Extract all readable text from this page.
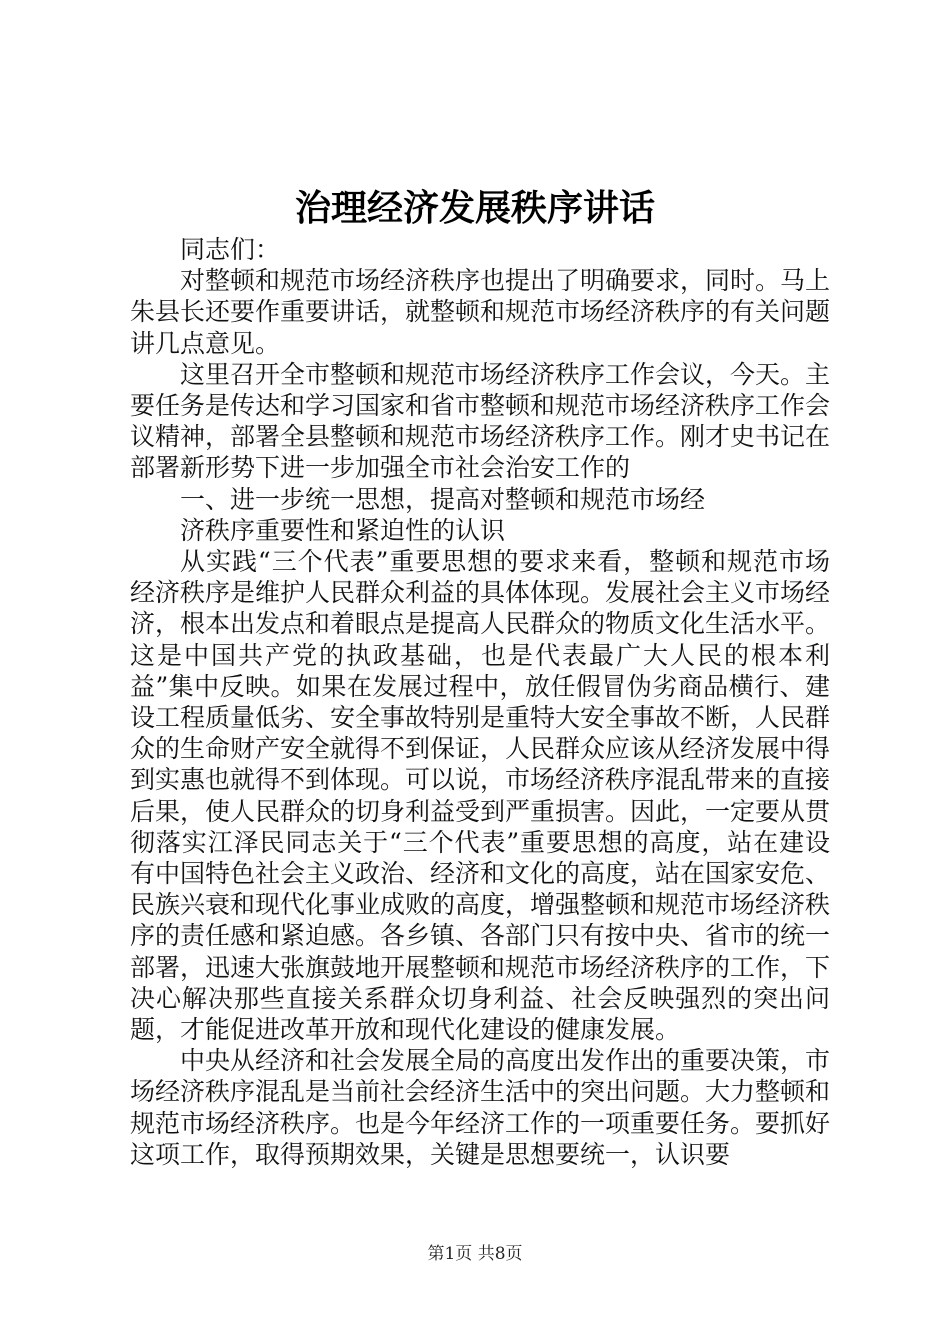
治理经济发展秩序讲话

同志们：

对整顿和规范市场经济秩序也提出了明确要求，同时。马上朱县长还要作重要讲话，就整顿和规范市场经济秩序的有关问题讲几点意见。

这里召开全市整顿和规范市场经济秩序工作会议，今天。主要任务是传达和学习国家和省市整顿和规范市场经济秩序工作会议精神，部署全县整顿和规范市场经济秩序工作。刚才史书记在部署新形势下进一步加强全市社会治安工作的

一、进一步统一思想，提高对整顿和规范市场经

济秩序重要性和紧迫性的认识

从实践“三个代表”重要思想的要求来看，整顿和规范市场经济秩序是维护人民群众利益的具体体现。发展社会主义市场经济，根本出发点和着眼点是提高人民群众的物质文化生活水平。这是中国共产党的执政基础，也是代表最广大人民的根本利益”集中反映。如果在发展过程中，放任假冒伪劣商品横行、建设工程质量低劣、安全事故特别是重特大安全事故不断，人民群众的生命财产安全就得不到保证，人民群众应该从经济发展中得到实惠也就得不到体现。可以说，市场经济秩序混乱带来的直接后果，使人民群众的切身利益受到严重损害。因此，一定要从贯彻落实江泽民同志关于“三个代表”重要思想的高度，站在建设有中国特色社会主义政治、经济和文化的高度，站在国家安危、民族兴衰和现代化事业成败的高度，增强整顿和规范市场经济秩序的责任感和紧迫感。各乡镇、各部门只有按中央、省市的统一部署，迅速大张旗鼓地开展整顿和规范市场经济秩序的工作，下决心解决那些直接关系群众切身利益、社会反映强烈的突出问题，才能促进改革开放和现代化建设的健康发展。

中央从经济和社会发展全局的高度出发作出的重要决策，市场经济秩序混乱是当前社会经济生活中的突出问题。大力整顿和规范市场经济秩序。也是今年经济工作的一项重要任务。要抓好这项工作，取得预期效果，关键是思想要统一，认识要

第1页 共8页
